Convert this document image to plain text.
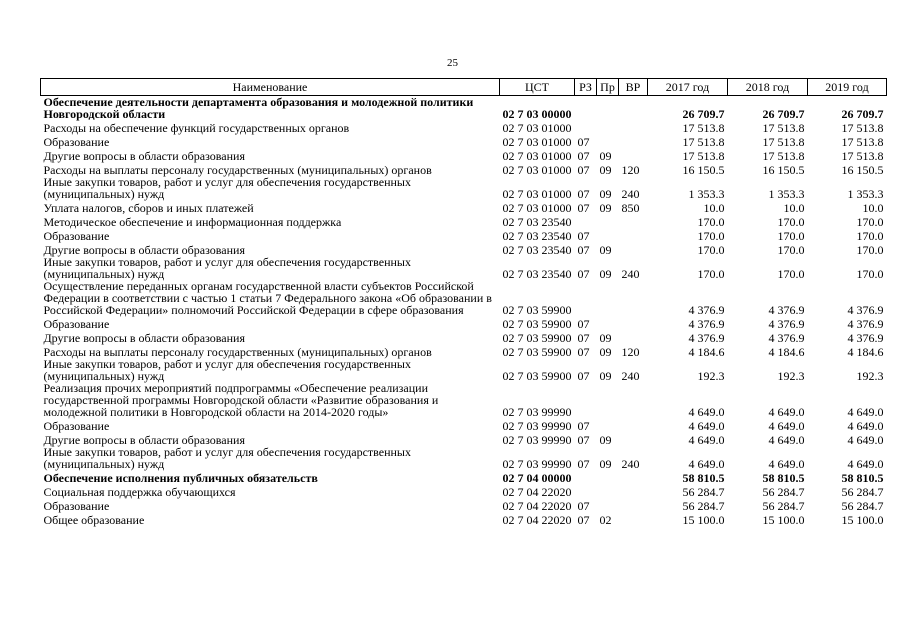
25
Наименование	ЦСТ	РЗ	Пр	ВР	2017 год	2018 год	2019 год
Обеспечение деятельности департамента образования и молодежной политики Новгородской области	02 7 03 00000				26 709.7	26 709.7	26 709.7
Расходы на обеспечение функций государственных органов	02 7 03 01000				17 513.8	17 513.8	17 513.8
Образование	02 7 03 01000	07			17 513.8	17 513.8	17 513.8
Другие вопросы в области образования	02 7 03 01000	07	09		17 513.8	17 513.8	17 513.8
Расходы на выплаты персоналу государственных (муниципальных) органов	02 7 03 01000	07	09	120	16 150.5	16 150.5	16 150.5
Иные закупки товаров, работ и услуг для обеспечения государственных (муниципальных) нужд	02 7 03 01000	07	09	240	1 353.3	1 353.3	1 353.3
Уплата налогов, сборов и иных платежей	02 7 03 01000	07	09	850	10.0	10.0	10.0
Методическое обеспечение и информационная поддержка	02 7 03 23540				170.0	170.0	170.0
Образование	02 7 03 23540	07			170.0	170.0	170.0
Другие вопросы в области образования	02 7 03 23540	07	09		170.0	170.0	170.0
Иные закупки товаров, работ и услуг для обеспечения государственных (муниципальных) нужд	02 7 03 23540	07	09	240	170.0	170.0	170.0
Осуществление переданных органам государственной власти субъектов Российской Федерации в соответствии с частью 1 статьи 7 Федерального закона «Об образовании в Российской Федерации» полномочий Российской Федерации в сфере образования	02 7 03 59900				4 376.9	4 376.9	4 376.9
Образование	02 7 03 59900	07			4 376.9	4 376.9	4 376.9
Другие вопросы в области образования	02 7 03 59900	07	09		4 376.9	4 376.9	4 376.9
Расходы на выплаты персоналу государственных (муниципальных) органов	02 7 03 59900	07	09	120	4 184.6	4 184.6	4 184.6
Иные закупки товаров, работ и услуг для обеспечения государственных (муниципальных) нужд	02 7 03 59900	07	09	240	192.3	192.3	192.3
Реализация прочих мероприятий подпрограммы «Обеспечение реализации государственной программы Новгородской области «Развитие образования и молодежной политики в Новгородской области на 2014-2020 годы»	02 7 03 99990				4 649.0	4 649.0	4 649.0
Образование	02 7 03 99990	07			4 649.0	4 649.0	4 649.0
Другие вопросы в области образования	02 7 03 99990	07	09		4 649.0	4 649.0	4 649.0
Иные закупки товаров, работ и услуг для обеспечения государственных (муниципальных) нужд	02 7 03 99990	07	09	240	4 649.0	4 649.0	4 649.0
Обеспечение исполнения публичных обязательств	02 7 04 00000				58 810.5	58 810.5	58 810.5
Социальная поддержка обучающихся	02 7 04 22020				56 284.7	56 284.7	56 284.7
Образование	02 7 04 22020	07			56 284.7	56 284.7	56 284.7
Общее образование	02 7 04 22020	07	02		15 100.0	15 100.0	15 100.0
